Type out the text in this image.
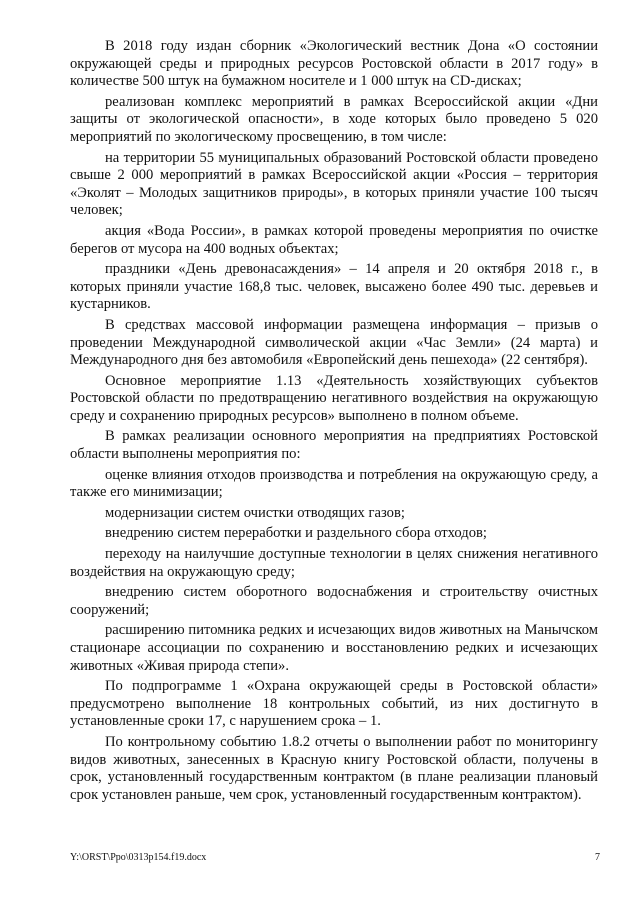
В 2018 году издан сборник «Экологический вестник Дона «О состоянии окружающей среды и природных ресурсов Ростовской области в 2017 году» в количестве 500 штук на бумажном носителе и 1 000 штук на CD-дисках;

реализован комплекс мероприятий в рамках Всероссийской акции «Дни защиты от экологической опасности», в ходе которых было проведено 5 020 мероприятий по экологическому просвещению, в том числе:

на территории 55 муниципальных образований Ростовской области проведено свыше 2 000 мероприятий в рамках Всероссийской акции «Россия – территория «Эколят – Молодых защитников природы», в которых приняли участие 100 тысяч человек;

акция «Вода России», в рамках которой проведены мероприятия по очистке берегов от мусора на 400 водных объектах;

праздники «День древонасаждения» – 14 апреля и 20 октября 2018 г., в которых приняли участие 168,8 тыс. человек, высажено более 490 тыс. деревьев и кустарников.

В средствах массовой информации размещена информация – призыв о проведении Международной символической акции «Час Земли» (24 марта) и Международного дня без автомобиля «Европейский день пешехода» (22 сентября).

Основное мероприятие 1.13 «Деятельность хозяйствующих субъектов Ростовской области по предотвращению негативного воздействия на окружающую среду и сохранению природных ресурсов» выполнено в полном объеме.

В рамках реализации основного мероприятия на предприятиях Ростовской области выполнены мероприятия по:

оценке влияния отходов производства и потребления на окружающую среду, а также его минимизации;

модернизации систем очистки отводящих газов;

внедрению систем переработки и раздельного сбора отходов;

переходу на наилучшие доступные технологии в целях снижения негативного воздействия на окружающую среду;

внедрению систем оборотного водоснабжения и строительству очистных сооружений;

расширению питомника редких и исчезающих видов животных на Манычском стационаре ассоциации по сохранению и восстановлению редких и исчезающих животных «Живая природа степи».

По подпрограмме 1 «Охрана окружающей среды в Ростовской области» предусмотрено выполнение 18 контрольных событий, из них достигнуто в установленные сроки 17, с нарушением срока – 1.

По контрольному событию 1.8.2 отчеты о выполнении работ по мониторингу видов животных, занесенных в Красную книгу Ростовской области, получены в срок, установленный государственным контрактом (в плане реализации плановый срок установлен раньше, чем срок, установленный государственным контрактом).

Y:\ORST\Ppo\0313p154.f19.docx	7
